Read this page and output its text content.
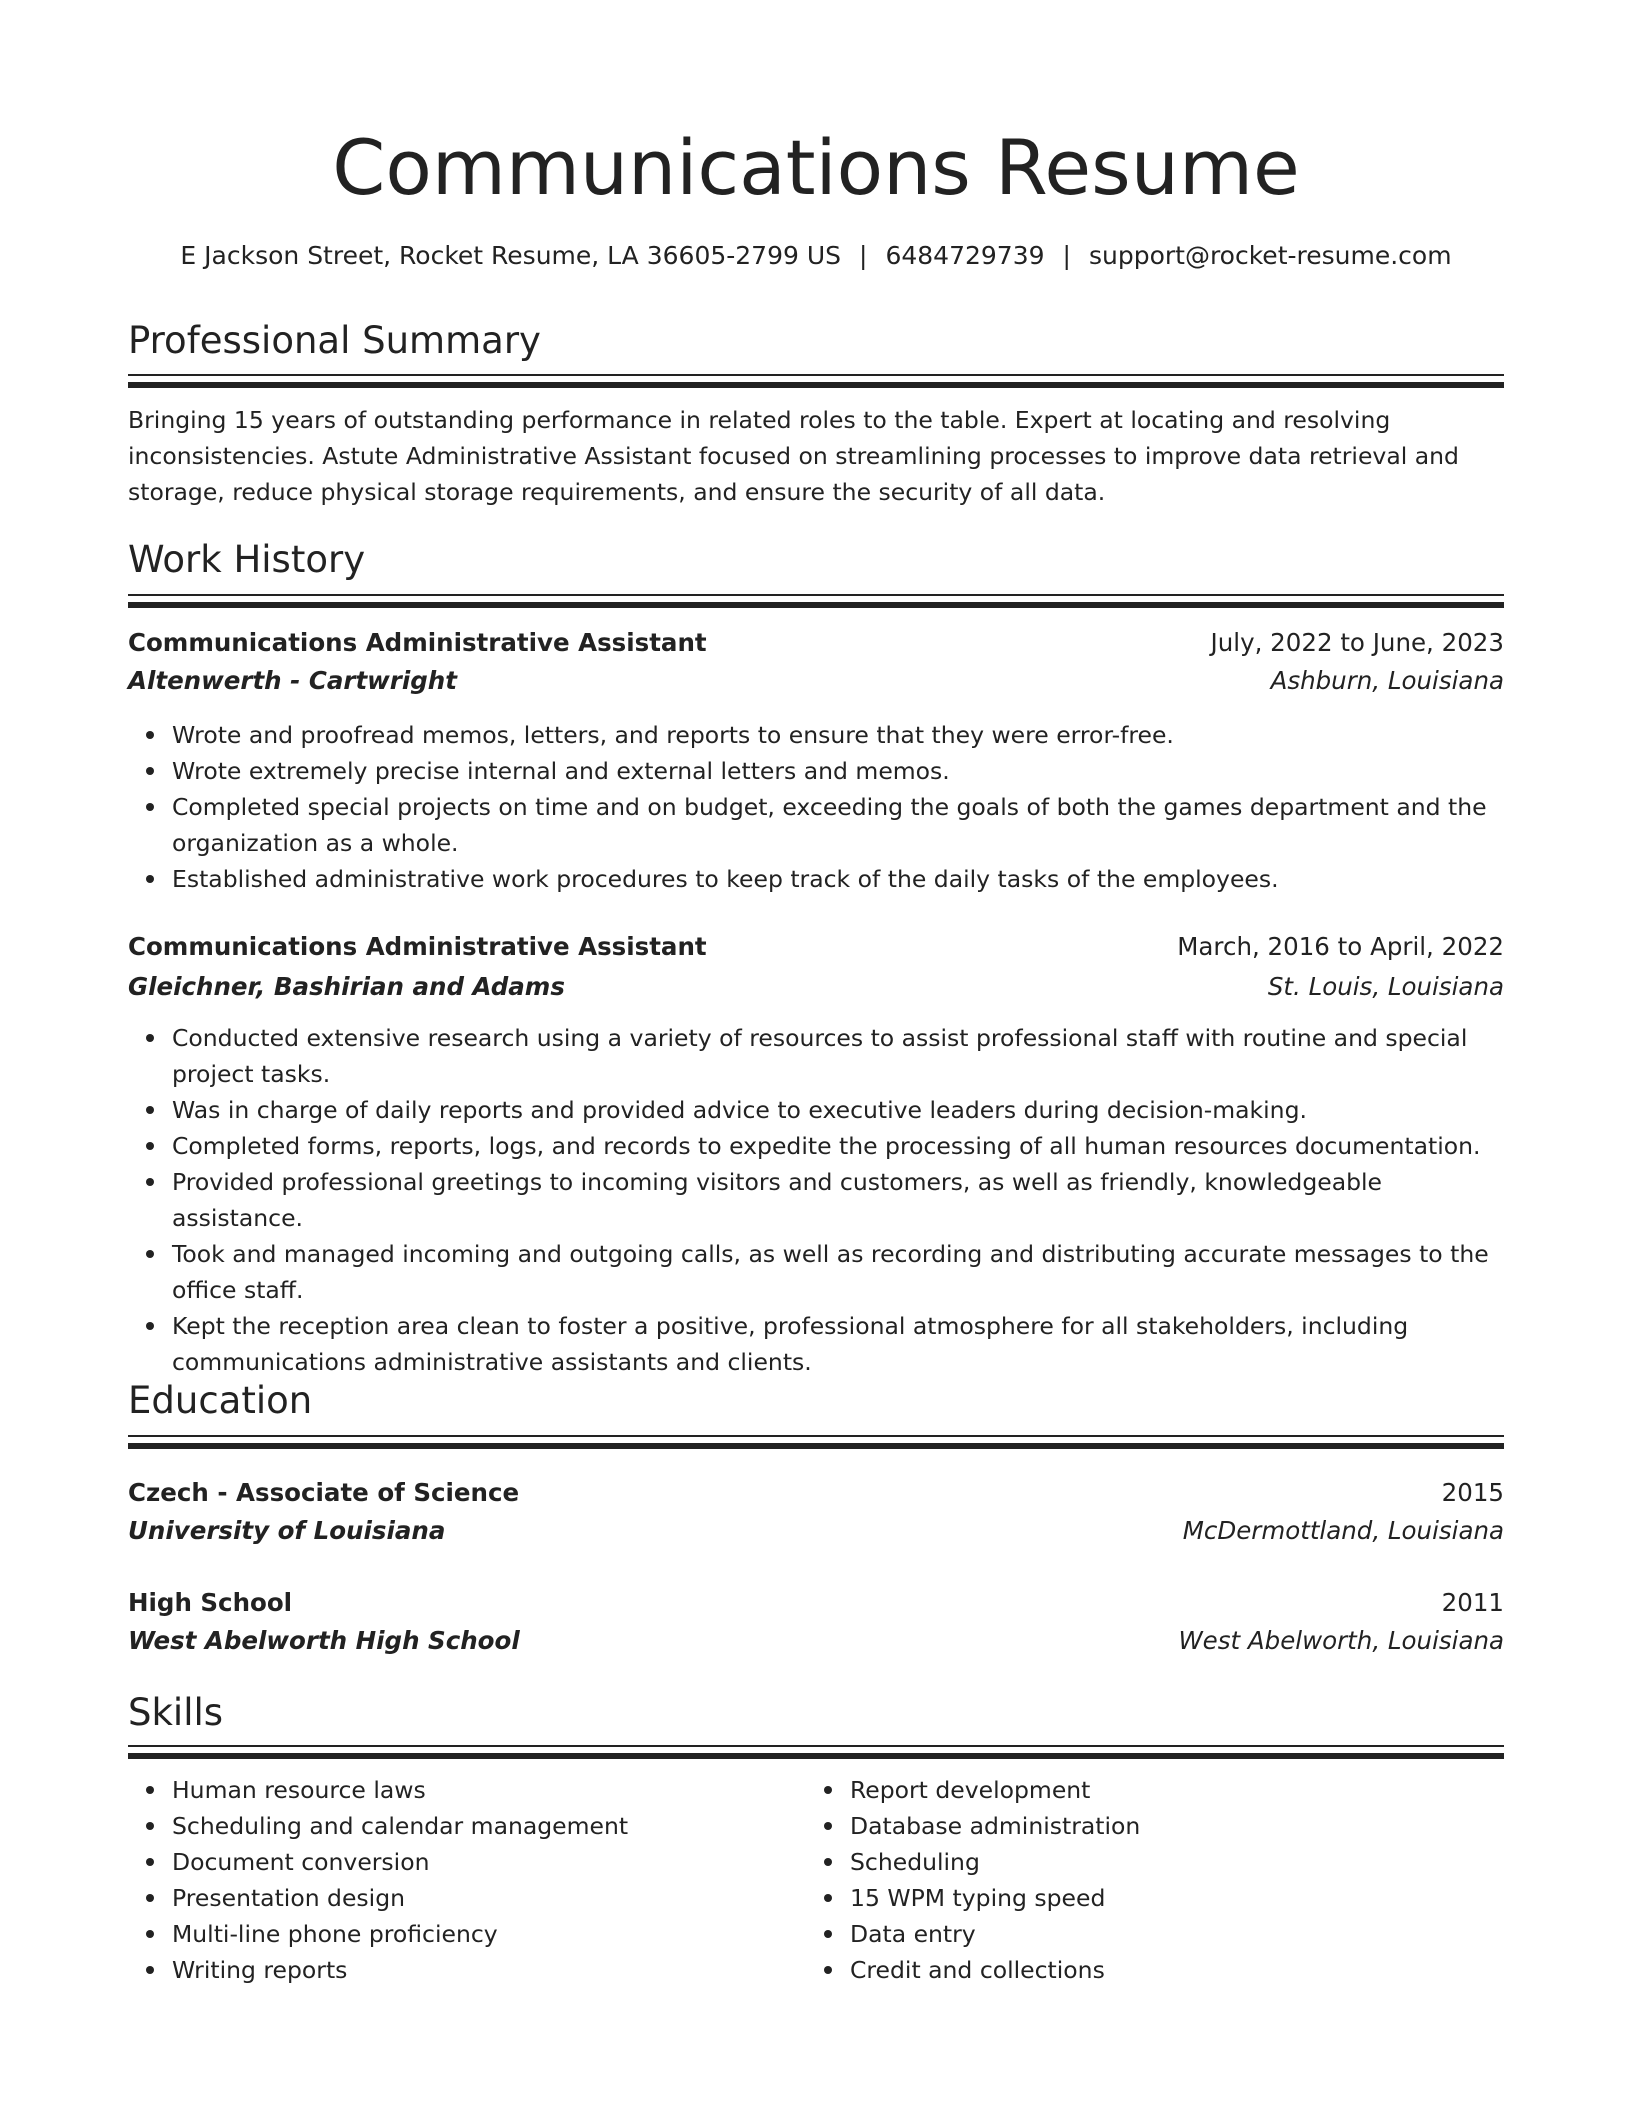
Communications Resume
E Jackson Street, Rocket Resume, LA 36605-2799 US | 6484729739 | support@rocket-resume.com
Professional Summary

Bringing 15 years of outstanding performance in related roles to the table. Expert at locating and resolving inconsistencies. Astute Administrative Assistant focused on streamlining processes to improve data retrieval and storage, reduce physical storage requirements, and ensure the security of all data.

Work History
Communications Administrative Assistant	July, 2022 to June, 2023
Altenwerth - Cartwright	Ashburn, Louisiana
Wrote and proofread memos, letters, and reports to ensure that they were error-free.
Wrote extremely precise internal and external letters and memos.
Completed special projects on time and on budget, exceeding the goals of both the games department and the organization as a whole.
Established administrative work procedures to keep track of the daily tasks of the employees.
Communications Administrative Assistant	March, 2016 to April, 2022
Gleichner, Bashirian and Adams	St. Louis, Louisiana
Conducted extensive research using a variety of resources to assist professional staff with routine and special project tasks.
Was in charge of daily reports and provided advice to executive leaders during decision-making.
Completed forms, reports, logs, and records to expedite the processing of all human resources documentation.
Provided professional greetings to incoming visitors and customers, as well as friendly, knowledgeable assistance.
Took and managed incoming and outgoing calls, as well as recording and distributing accurate messages to the office staff.
Kept the reception area clean to foster a positive, professional atmosphere for all stakeholders, including communications administrative assistants and clients.
Education
Czech - Associate of Science	2015
University of Louisiana	McDermottland, Louisiana
High School	2011
West Abelworth High School	West Abelworth, Louisiana
Skills
Human resource laws
Scheduling and calendar management
Document conversion
Presentation design
Multi-line phone proficiency
Writing reports
Report development
Database administration
Scheduling
15 WPM typing speed
Data entry
Credit and collections
